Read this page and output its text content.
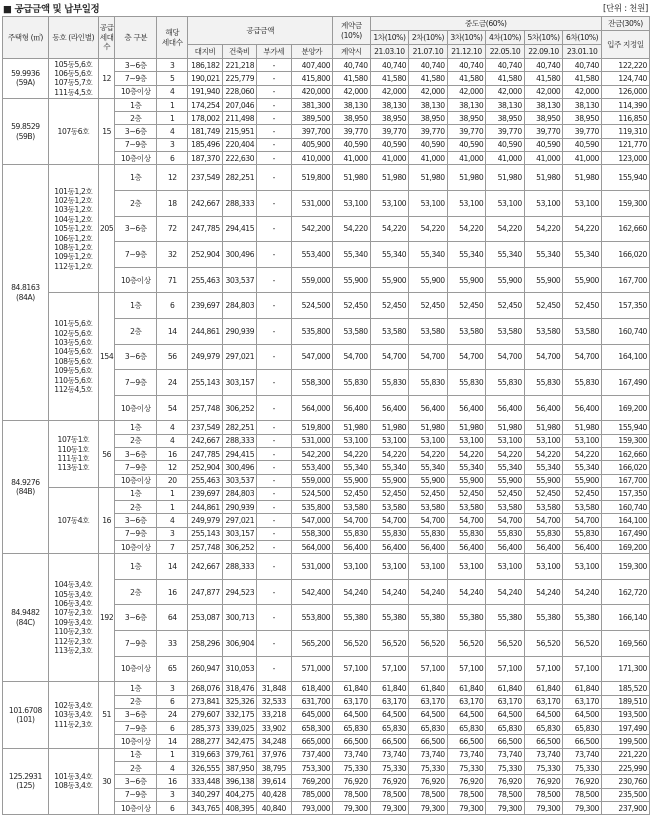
■ 공급금액 및 납부일정	[단위 : 천원]
주택형 (㎡)	동호 (라인별)	공급 세대 수	층 구분	해당 세대수	공급금액				계약금 (10%)	중도금(60%)						잔금(30%)
										1차(10%)	2차(10%)	3차(10%)	4차(10%)	5차(10%)	6차(10%)	입주 지정일
					대지비	건축비	부가세	분양가	계약시	21.03.10	21.07.10	21.12.10	22.05.10	22.09.10	23.01.10	
59.9936 (59A)	105동5,6호 106동5,6호 107동5,7호 111동4,5호	12	3~6층	3	186,182	221,218	-	407,400	40,740	40,740	40,740	40,740	40,740	40,740	40,740	122,220
			7~9층	5	190,021	225,779	-	415,800	41,580	41,580	41,580	41,580	41,580	41,580	41,580	124,740
			10층이상	4	191,940	228,060	-	420,000	42,000	42,000	42,000	42,000	42,000	42,000	42,000	126,000
59.8529 (59B)	107동6호	15	1층	1	174,254	207,046	-	381,300	38,130	38,130	38,130	38,130	38,130	38,130	38,130	114,390
			2층	1	178,002	211,498	-	389,500	38,950	38,950	38,950	38,950	38,950	38,950	38,950	116,850
			3~6층	4	181,749	215,951	-	397,700	39,770	39,770	39,770	39,770	39,770	39,770	39,770	119,310
			7~9층	3	185,496	220,404	-	405,900	40,590	40,590	40,590	40,590	40,590	40,590	40,590	121,770
			10층이상	6	187,370	222,630	-	410,000	41,000	41,000	41,000	41,000	41,000	41,000	41,000	123,000
84.8163 (84A)	101동1,2호 102동1,2호 103동1,2호 104동1,2호 105동1,2호 106동1,2호 108동1,2호 109동1,2호 112동1,2호	205	1층	12	237,549	282,251	-	519,800	51,980	51,980	51,980	51,980	51,980	51,980	51,980	155,940
			2층	18	242,667	288,333	-	531,000	53,100	53,100	53,100	53,100	53,100	53,100	53,100	159,300
			3~6층	72	247,785	294,415	-	542,200	54,220	54,220	54,220	54,220	54,220	54,220	54,220	162,660
			7~9층	32	252,904	300,496	-	553,400	55,340	55,340	55,340	55,340	55,340	55,340	55,340	166,020
			10층이상	71	255,463	303,537	-	559,000	55,900	55,900	55,900	55,900	55,900	55,900	55,900	167,700
	101동5,6호 102동5,6호 103동5,6호 104동5,6호 108동5,6호 109동5,6호 110동5,6호 112동4,5호	154	1층	6	239,697	284,803	-	524,500	52,450	52,450	52,450	52,450	52,450	52,450	52,450	157,350
			2층	14	244,861	290,939	-	535,800	53,580	53,580	53,580	53,580	53,580	53,580	53,580	160,740
			3~6층	56	249,979	297,021	-	547,000	54,700	54,700	54,700	54,700	54,700	54,700	54,700	164,100
			7~9층	24	255,143	303,157	-	558,300	55,830	55,830	55,830	55,830	55,830	55,830	55,830	167,490
			10층이상	54	257,748	306,252	-	564,000	56,400	56,400	56,400	56,400	56,400	56,400	56,400	169,200
84.9276 (84B)	107동1호 110동1호 111동1호 113동1호	56	1층	4	237,549	282,251	-	519,800	51,980	51,980	51,980	51,980	51,980	51,980	51,980	155,940
			2층	4	242,667	288,333	-	531,000	53,100	53,100	53,100	53,100	53,100	53,100	53,100	159,300
			3~6층	16	247,785	294,415	-	542,200	54,220	54,220	54,220	54,220	54,220	54,220	54,220	162,660
			7~9층	12	252,904	300,496	-	553,400	55,340	55,340	55,340	55,340	55,340	55,340	55,340	166,020
			10층이상	20	255,463	303,537	-	559,000	55,900	55,900	55,900	55,900	55,900	55,900	55,900	167,700
	107동4호	16	1층	1	239,697	284,803	-	524,500	52,450	52,450	52,450	52,450	52,450	52,450	52,450	157,350
			2층	1	244,861	290,939	-	535,800	53,580	53,580	53,580	53,580	53,580	53,580	53,580	160,740
			3~6층	4	249,979	297,021	-	547,000	54,700	54,700	54,700	54,700	54,700	54,700	54,700	164,100
			7~9층	3	255,143	303,157	-	558,300	55,830	55,830	55,830	55,830	55,830	55,830	55,830	167,490
			10층이상	7	257,748	306,252	-	564,000	56,400	56,400	56,400	56,400	56,400	56,400	56,400	169,200
84.9482 (84C)	104동3,4호 105동3,4호 106동3,4호 107동2,3호 109동3,4호 110동2,3호 112동2,3호 113동2,3호	192	1층	14	242,667	288,333	-	531,000	53,100	53,100	53,100	53,100	53,100	53,100	53,100	159,300
			2층	16	247,877	294,523	-	542,400	54,240	54,240	54,240	54,240	54,240	54,240	54,240	162,720
			3~6층	64	253,087	300,713	-	553,800	55,380	55,380	55,380	55,380	55,380	55,380	55,380	166,140
			7~9층	33	258,296	306,904	-	565,200	56,520	56,520	56,520	56,520	56,520	56,520	56,520	169,560
			10층이상	65	260,947	310,053	-	571,000	57,100	57,100	57,100	57,100	57,100	57,100	57,100	171,300
101.6708 (101)	102동3,4호 103동3,4호 111동2,3호	51	1층	3	268,076	318,476	31,848	618,400	61,840	61,840	61,840	61,840	61,840	61,840	61,840	185,520
			2층	6	273,841	325,326	32,533	631,700	63,170	63,170	63,170	63,170	63,170	63,170	63,170	189,510
			3~6층	24	279,607	332,175	33,218	645,000	64,500	64,500	64,500	64,500	64,500	64,500	64,500	193,500
			7~9층	6	285,373	339,025	33,902	658,300	65,830	65,830	65,830	65,830	65,830	65,830	65,830	197,490
			10층이상	14	288,277	342,475	34,248	665,000	66,500	66,500	66,500	66,500	66,500	66,500	66,500	199,500
125.2931 (125)	101동3,4호 108동3,4호	30	1층	1	319,663	379,761	37,976	737,400	73,740	73,740	73,740	73,740	73,740	73,740	73,740	221,220
			2층	4	326,555	387,950	38,795	753,300	75,330	75,330	75,330	75,330	75,330	75,330	75,330	225,990
			3~6층	16	333,448	396,138	39,614	769,200	76,920	76,920	76,920	76,920	76,920	76,920	76,920	230,760
			7~9층	3	340,297	404,275	40,428	785,000	78,500	78,500	78,500	78,500	78,500	78,500	78,500	235,500
			10층이상	6	343,765	408,395	40,840	793,000	79,300	79,300	79,300	79,300	79,300	79,300	79,300	237,900
